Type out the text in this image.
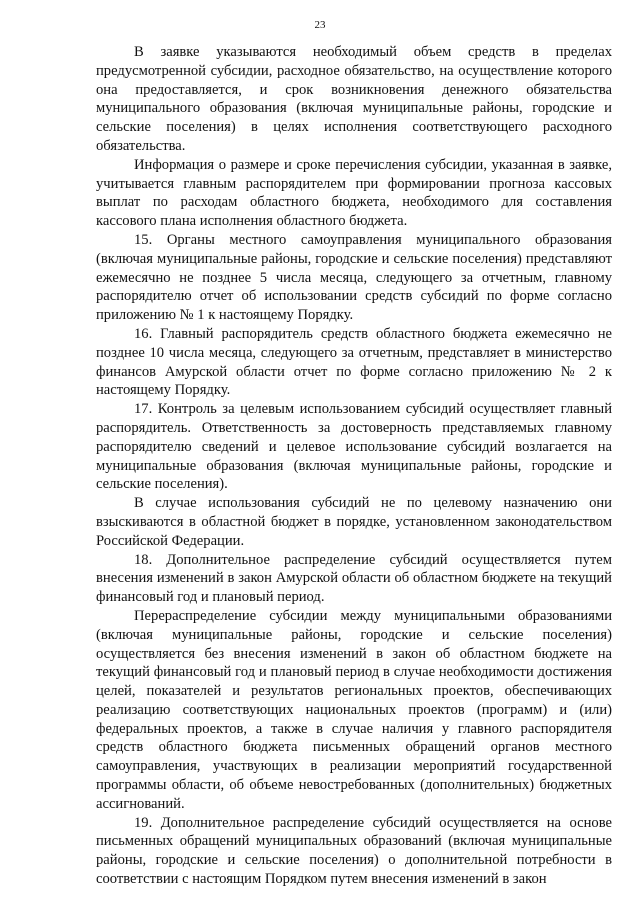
23

В заявке указываются необходимый объем средств в пределах предусмотренной субсидии, расходное обязательство, на осуществление которого она предоставляется, и срок возникновения денежного обязательства муниципального образования (включая муниципальные районы, городские и сельские поселения) в целях исполнения соответствующего расходного обязательства.

Информация о размере и сроке перечисления субсидии, указанная в заявке, учитывается главным распорядителем при формировании прогноза кассовых выплат по расходам областного бюджета, необходимого для составления кассового плана исполнения областного бюджета.

15. Органы местного самоуправления муниципального образования (включая муниципальные районы, городские и сельские поселения) представляют ежемесячно не позднее 5 числа месяца, следующего за отчетным, главному распорядителю отчет об использовании средств субсидий по форме согласно приложению № 1 к настоящему Порядку.

16. Главный распорядитель средств областного бюджета ежемесячно не позднее 10 числа месяца, следующего за отчетным, представляет в министерство финансов Амурской области отчет по форме согласно приложению № 2 к настоящему Порядку.

17. Контроль за целевым использованием субсидий осуществляет главный распорядитель. Ответственность за достоверность представляемых главному распорядителю сведений и целевое использование субсидий возлагается на муниципальные образования (включая муниципальные районы, городские и сельские поселения).

В случае использования субсидий не по целевому назначению они взыскиваются в областной бюджет в порядке, установленном законодательством Российской Федерации.

18. Дополнительное распределение субсидий осуществляется путем внесения изменений в закон Амурской области об областном бюджете на текущий финансовый год и плановый период.

Перераспределение субсидии между муниципальными образованиями (включая муниципальные районы, городские и сельские поселения) осуществляется без внесения изменений в закон об областном бюджете на текущий финансовый год и плановый период в случае необходимости достижения целей, показателей и результатов региональных проектов, обеспечивающих реализацию соответствующих национальных проектов (программ) и (или) федеральных проектов, а также в случае наличия у главного распорядителя средств областного бюджета письменных обращений органов местного самоуправления, участвующих в реализации мероприятий государственной программы области, об объеме невостребованных (дополнительных) бюджетных ассигнований.

19. Дополнительное распределение субсидий осуществляется на основе письменных обращений муниципальных образований (включая муниципальные районы, городские и сельские поселения) о дополнительной потребности в соответствии с настоящим Порядком путем внесения изменений в закон
